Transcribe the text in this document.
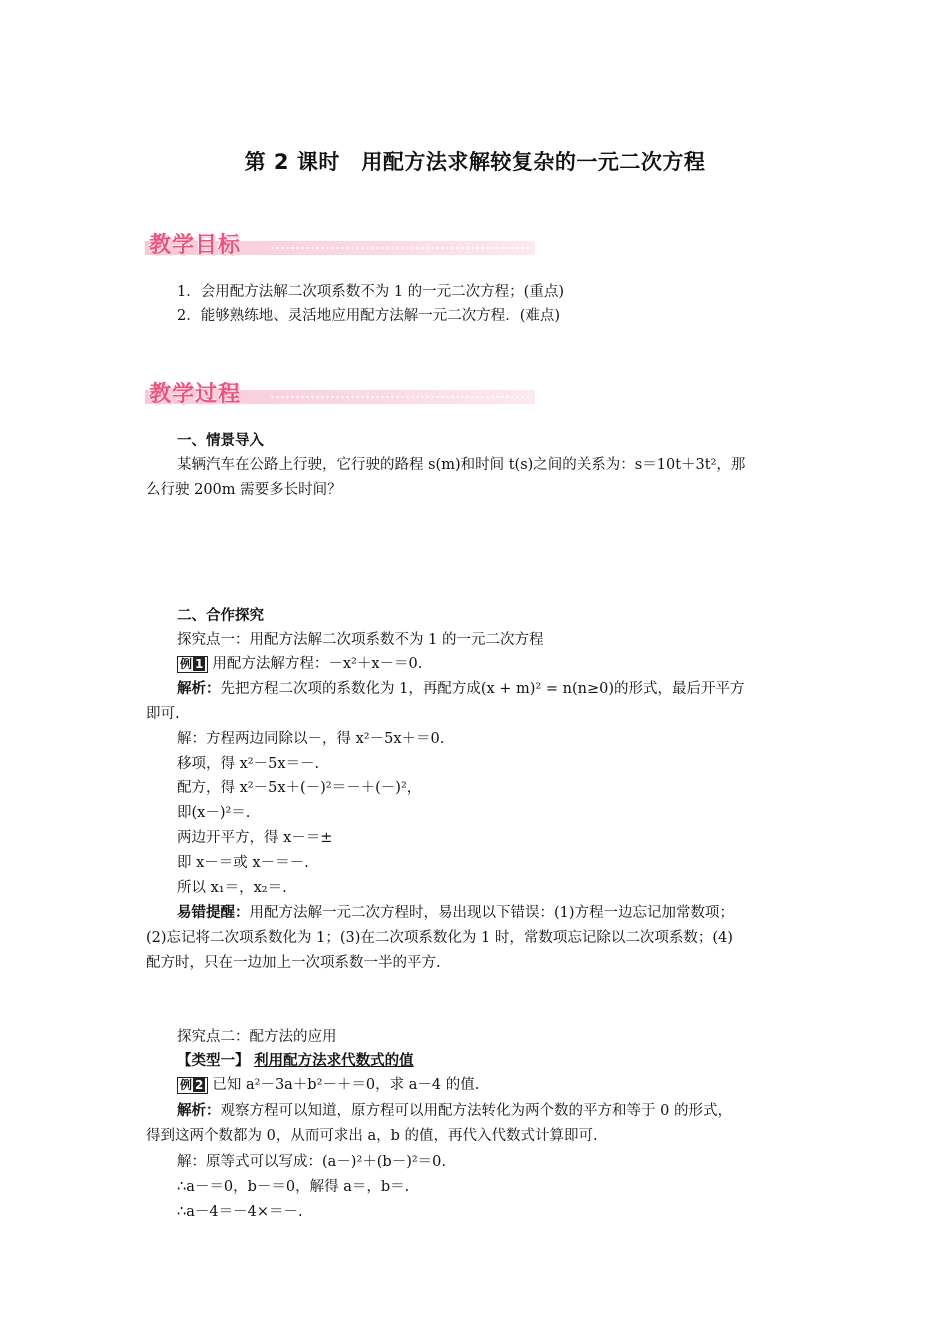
第 2 课时　用配方法求解较复杂的一元二次方程
教学目标
1．会用配方法解二次项系数不为 1 的一元二次方程；(重点)
2．能够熟练地、灵活地应用配方法解一元二次方程．(难点)
教学过程
一、情景导入
某辆汽车在公路上行驶，它行驶的路程 s(m)和时间 t(s)之间的关系为：s＝10t＋3t²，那
么行驶 200m 需要多长时间？
二、合作探究
探究点一：用配方法解二次项系数不为 1 的一元二次方程
例 1 用配方法解方程：－x²＋x－＝0.
解析：先把方程二次项的系数化为 1，再配方成(x + m)² = n(n≥0)的形式，最后开平方
即可.
解：方程两边同除以－，得 x²－5x＋＝0.
移项，得 x²－5x＝－.
配方，得 x²－5x＋(－)²＝－＋(－)²，
即(x－)²＝.
两边开平方，得 x－＝±
即 x－＝或 x－＝－.
所以 x₁＝，x₂＝.
易错提醒：用配方法解一元二次方程时，易出现以下错误：(1)方程一边忘记加常数项；
(2)忘记将二次项系数化为 1；(3)在二次项系数化为 1 时，常数项忘记除以二次项系数；(4)
配方时，只在一边加上一次项系数一半的平方.
探究点二：配方法的应用
【类型一】 利用配方法求代数式的值
例 2 已知 a²－3a＋b²－＋＝0，求 a－4 的值.
解析：观察方程可以知道，原方程可以用配方法转化为两个数的平方和等于 0 的形式，
得到这两个数都为 0，从而可求出 a，b 的值，再代入代数式计算即可.
解：原等式可以写成：(a－)²＋(b－)²＝0.
∴a－＝0，b－＝0，解得 a＝，b＝.
∴a－4＝－4×＝－.
